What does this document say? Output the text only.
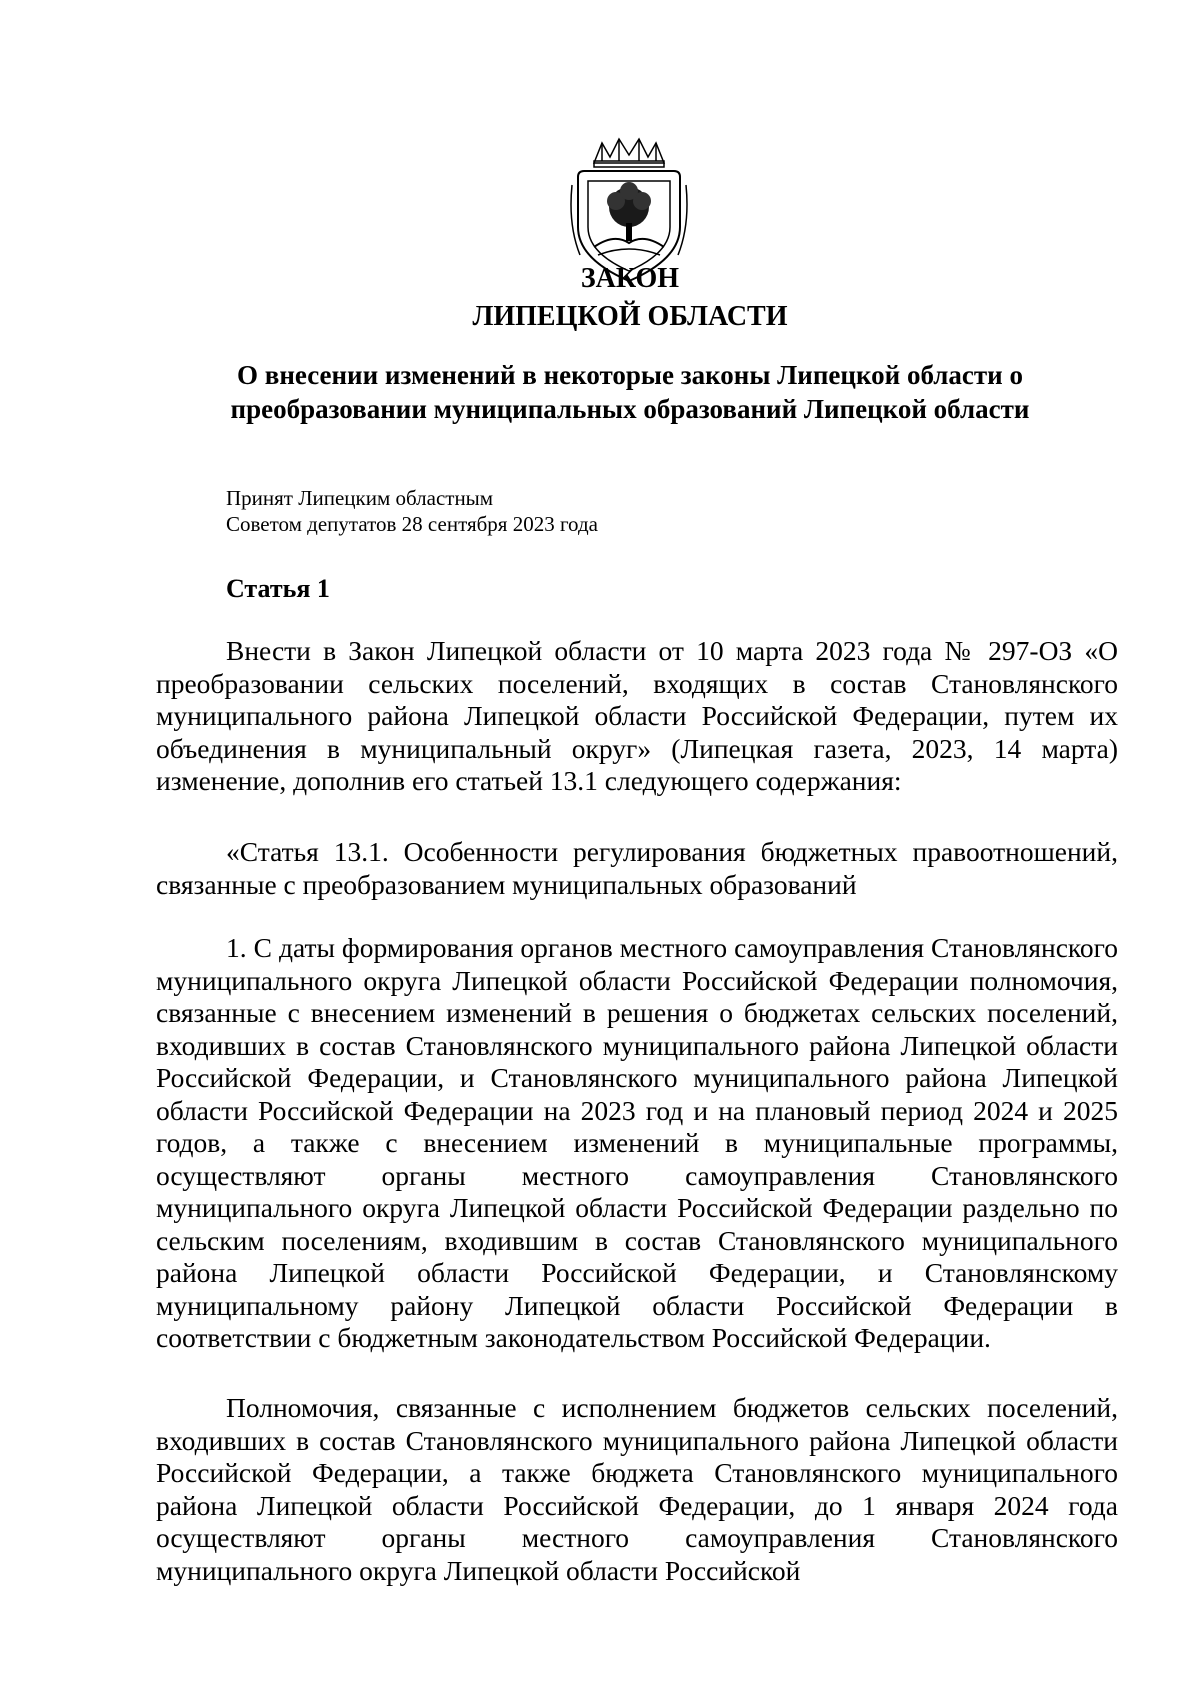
ЗАКОН
ЛИПЕЦКОЙ ОБЛАСТИ
О внесении изменений в некоторые законы Липецкой области о преобразовании муниципальных образований Липецкой области
Принят Липецким областным
Советом депутатов 28 сентября 2023 года
Статья 1

Внести в Закон Липецкой области от 10 марта 2023 года № 297-ОЗ «О преобразовании сельских поселений, входящих в состав Становлянского муниципального района Липецкой области Российской Федерации, путем их объединения в муниципальный округ» (Липецкая газета, 2023, 14 марта) изменение, дополнив его статьей 13.1 следующего содержания:

«Статья 13.1. Особенности регулирования бюджетных правоотношений, связанные с преобразованием муниципальных образований

1. С даты формирования органов местного самоуправления Становлянского муниципального округа Липецкой области Российской Федерации полномочия, связанные с внесением изменений в решения о бюджетах сельских поселений, входивших в состав Становлянского муниципального района Липецкой области Российской Федерации, и Становлянского муниципального района Липецкой области Российской Федерации на 2023 год и на плановый период 2024 и 2025 годов, а также с внесением изменений в муниципальные программы, осуществляют органы местного самоуправления Становлянского муниципального округа Липецкой области Российской Федерации раздельно по сельским поселениям, входившим в состав Становлянского муниципального района Липецкой области Российской Федерации, и Становлянскому муниципальному району Липецкой области Российской Федерации в соответствии с бюджетным законодательством Российской Федерации.

Полномочия, связанные с исполнением бюджетов сельских поселений, входивших в состав Становлянского муниципального района Липецкой области Российской Федерации, а также бюджета Становлянского муниципального района Липецкой области Российской Федерации, до 1 января 2024 года осуществляют органы местного самоуправления Становлянского муниципального округа Липецкой области Российской
